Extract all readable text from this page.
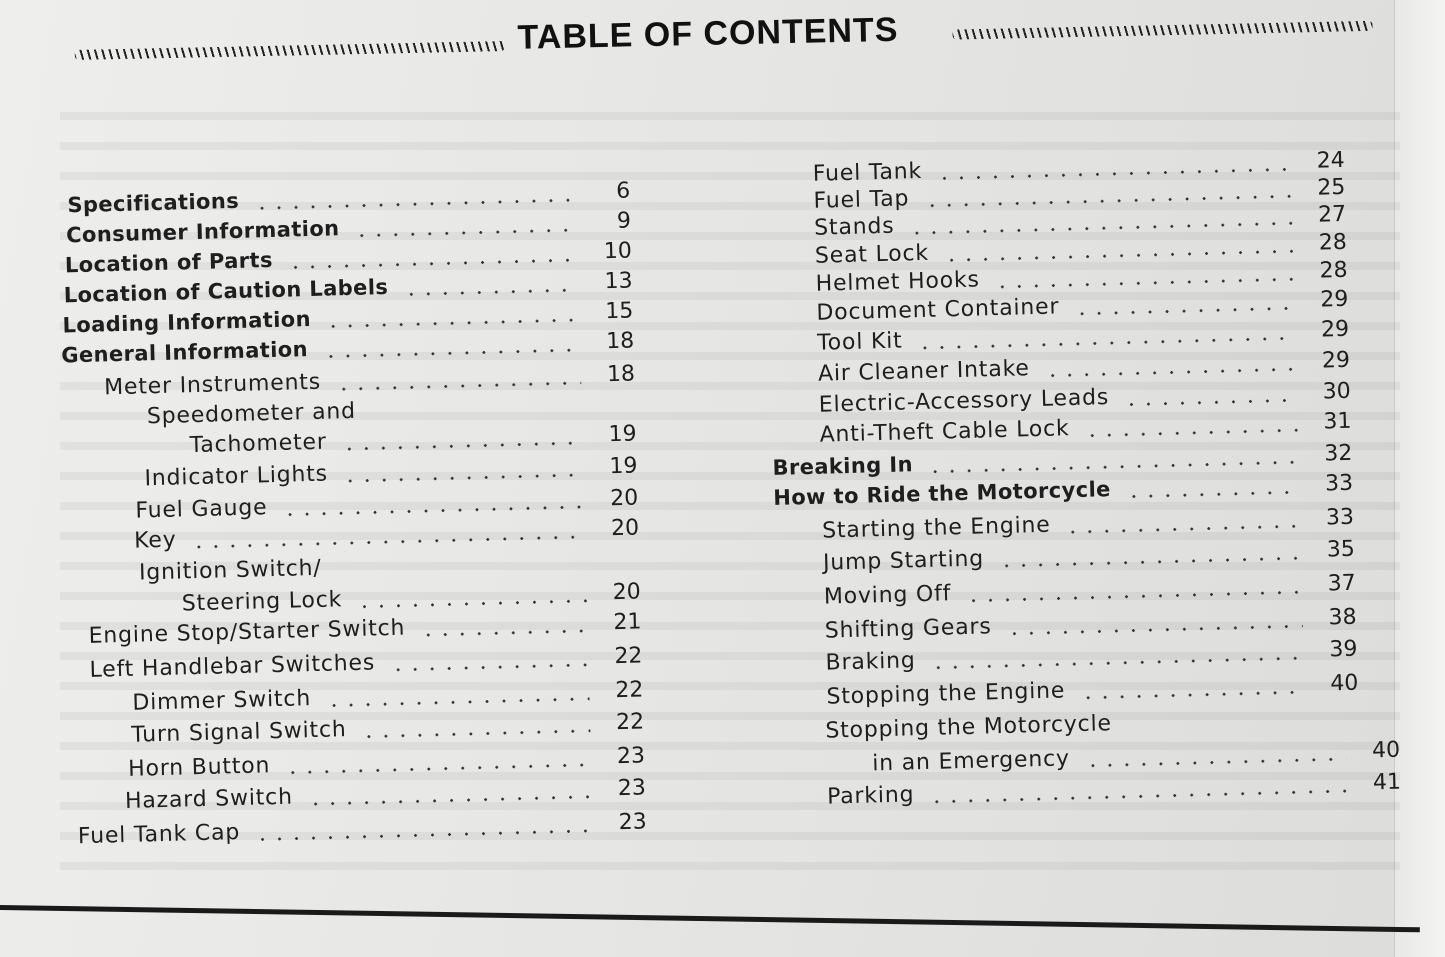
TABLE OF CONTENTS
Specifications	6
Consumer Information	9
Location of Parts	10
Location of Caution Labels	13
Loading Information	15
General Information	18
Meter Instruments	18
Speedometer and
Tachometer	19
Indicator Lights	19
Fuel Gauge	20
Key	20
Ignition Switch/
Steering Lock	20
Engine Stop/Starter Switch	21
Left Handlebar Switches	22
Dimmer Switch	22
Turn Signal Switch	22
Horn Button	23
Hazard Switch	23
Fuel Tank Cap	23
Fuel Tank	24
Fuel Tap	25
Stands	27
Seat Lock	28
Helmet Hooks	28
Document Container	29
Tool Kit	29
Air Cleaner Intake	29
Electric-Accessory Leads	30
Anti-Theft Cable Lock	31
Breaking In	32
How to Ride the Motorcycle	33
Starting the Engine	33
Jump Starting	35
Moving Off	37
Shifting Gears	38
Braking	39
Stopping the Engine	40
Stopping the Motorcycle
in an Emergency	40
Parking	41
